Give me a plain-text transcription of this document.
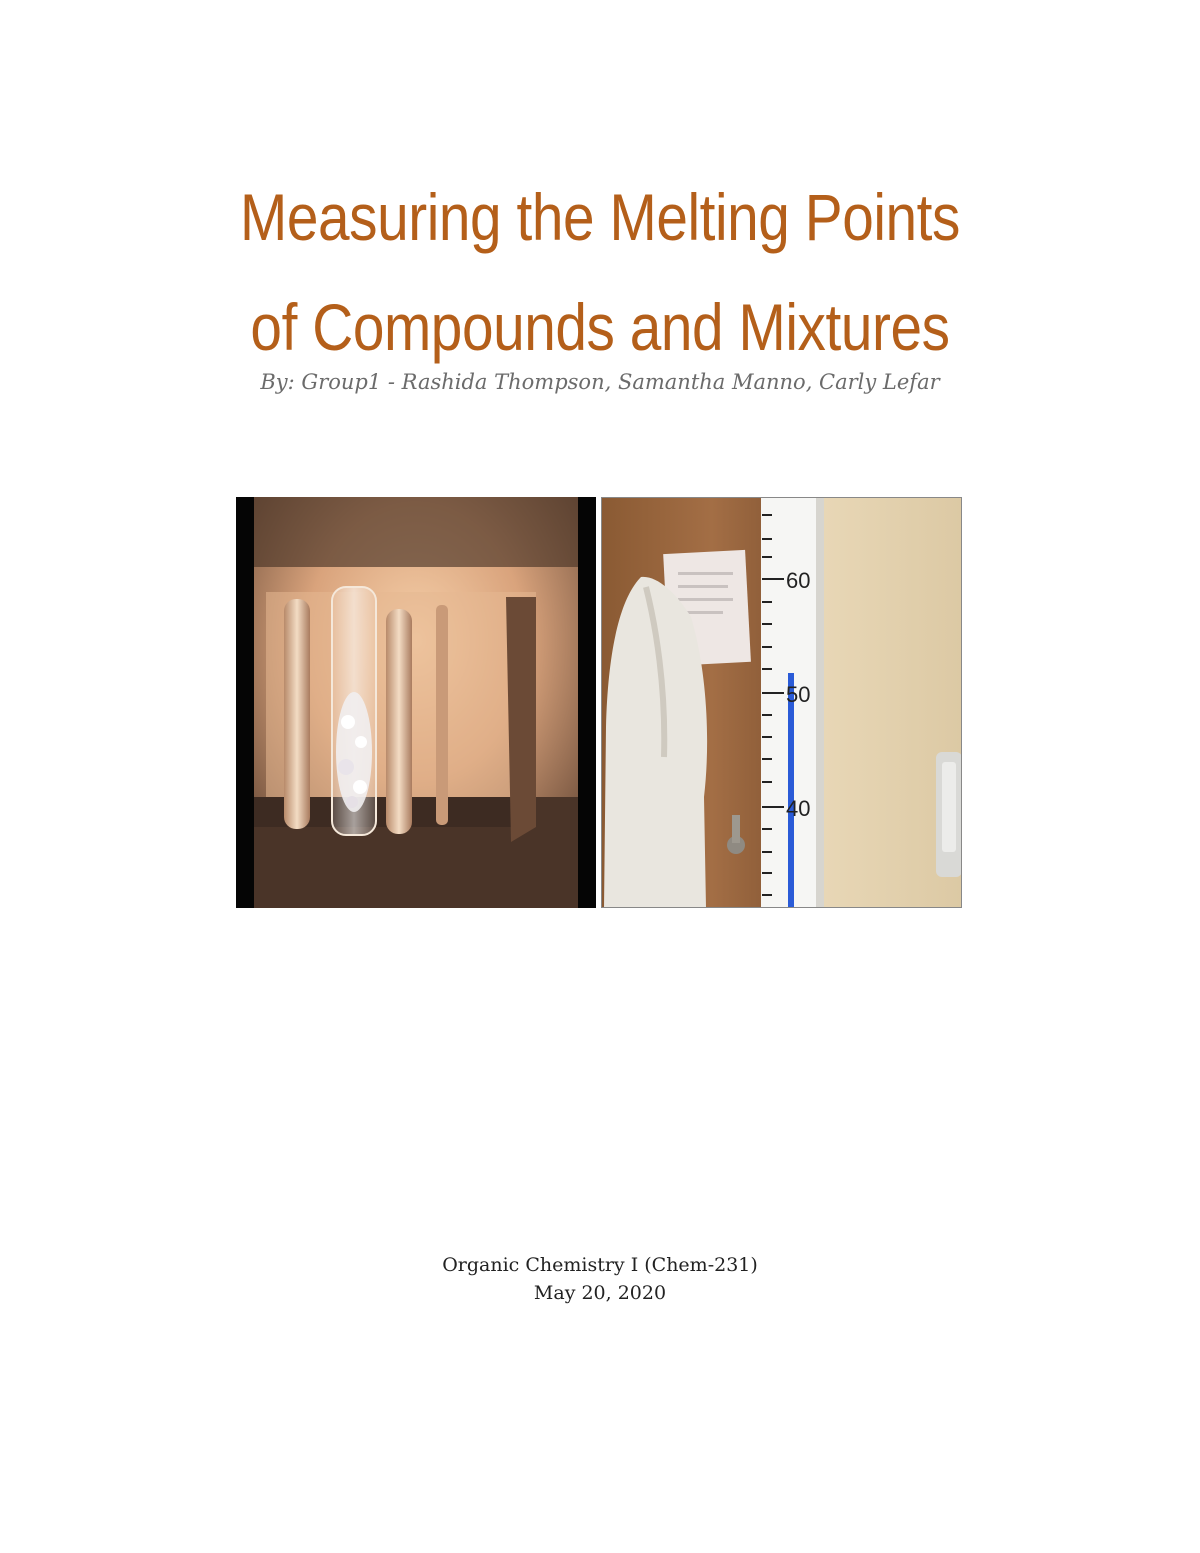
Measuring the Melting Points
of Compounds and Mixtures
By: Group1 - Rashida Thompson, Samantha Manno, Carly Lefar
60
50
40
Organic Chemistry I (Chem-231)
May 20, 2020
